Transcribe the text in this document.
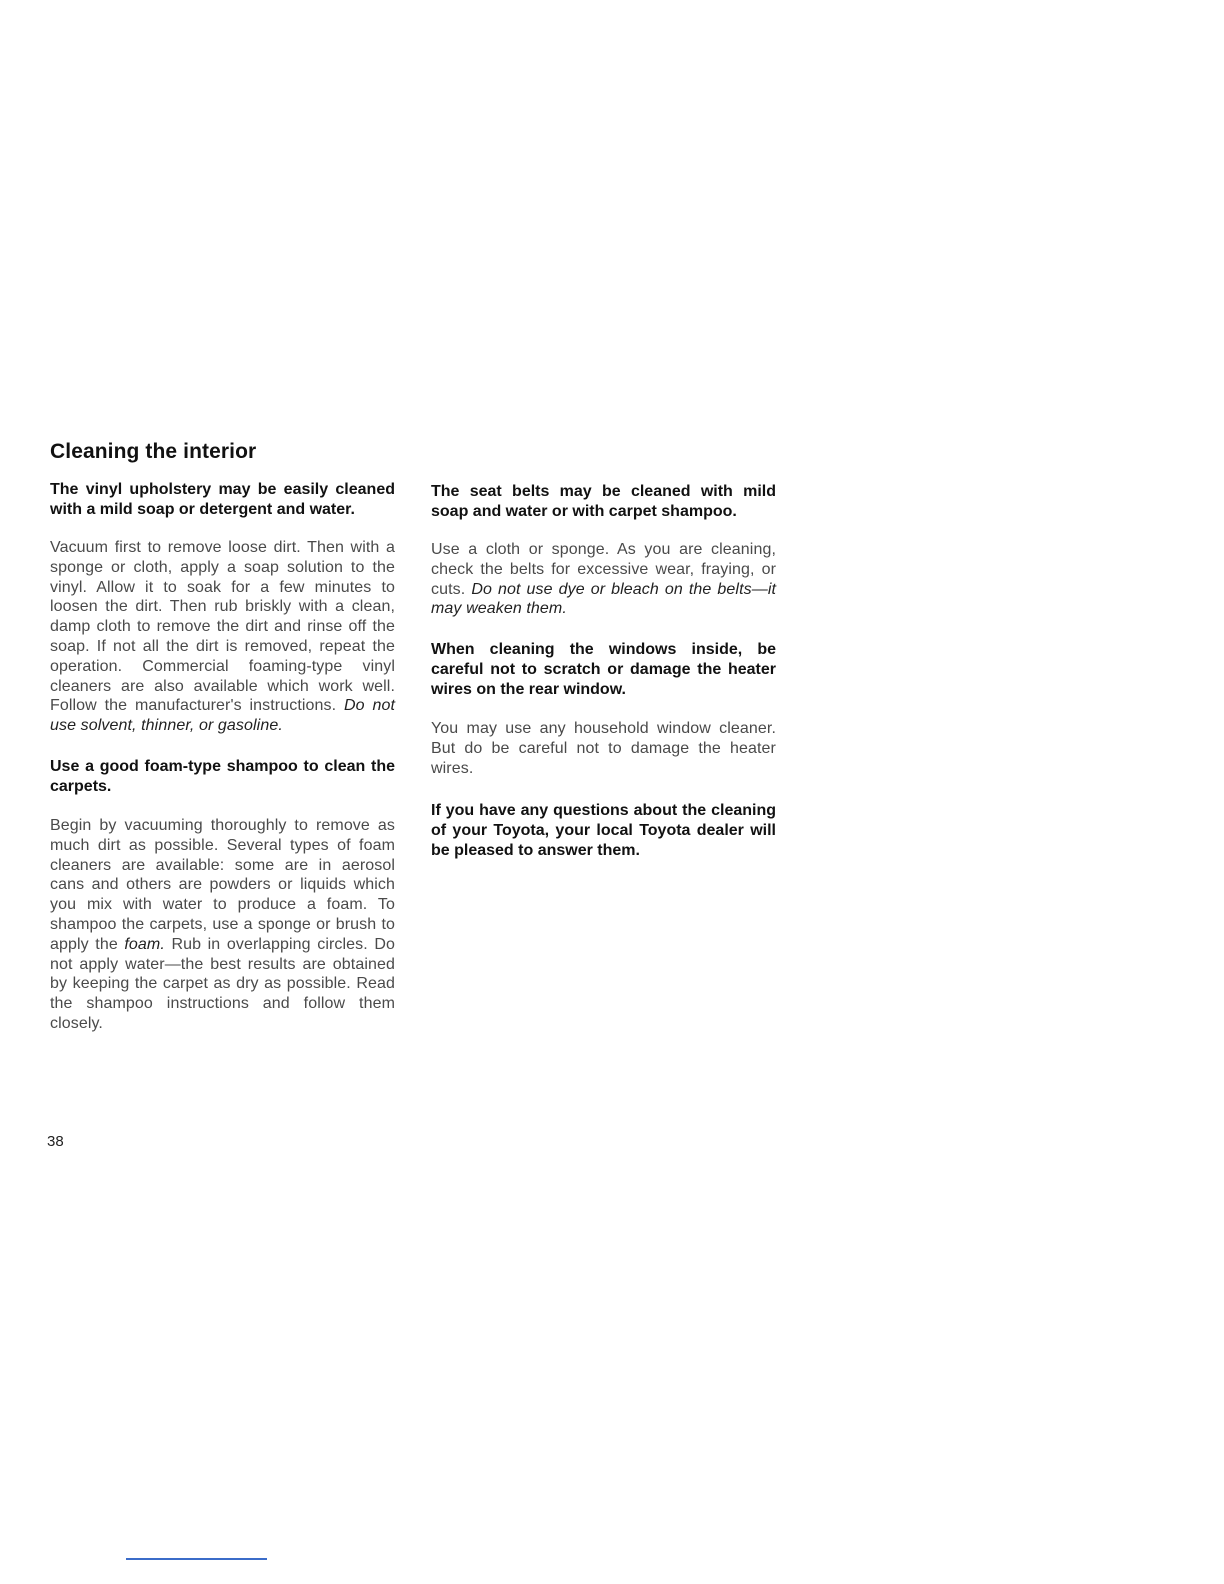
Cleaning the interior

The vinyl upholstery may be easily cleaned with a mild soap or detergent and water.

Vacuum first to remove loose dirt. Then with a sponge or cloth, apply a soap solution to the vinyl. Allow it to soak for a few minutes to loosen the dirt. Then rub briskly with a clean, damp cloth to remove the dirt and rinse off the soap. If not all the dirt is removed, repeat the operation. Commercial foaming-type vinyl cleaners are also available which work well. Follow the manufacturer's instructions. Do not use solvent, thinner, or gasoline.

Use a good foam-type shampoo to clean the carpets.

Begin by vacuuming thoroughly to remove as much dirt as possible. Several types of foam cleaners are available: some are in aerosol cans and others are powders or liquids which you mix with water to produce a foam. To shampoo the carpets, use a sponge or brush to apply the foam. Rub in overlapping circles. Do not apply water—the best results are obtained by keeping the carpet as dry as possible. Read the shampoo instructions and follow them closely.

The seat belts may be cleaned with mild soap and water or with carpet shampoo.

Use a cloth or sponge. As you are cleaning, check the belts for excessive wear, fraying, or cuts. Do not use dye or bleach on the belts—it may weaken them.

When cleaning the windows inside, be careful not to scratch or damage the heater wires on the rear window.

You may use any household window cleaner. But do be careful not to damage the heater wires.

If you have any questions about the cleaning of your Toyota, your local Toyota dealer will be pleased to answer them.

38
